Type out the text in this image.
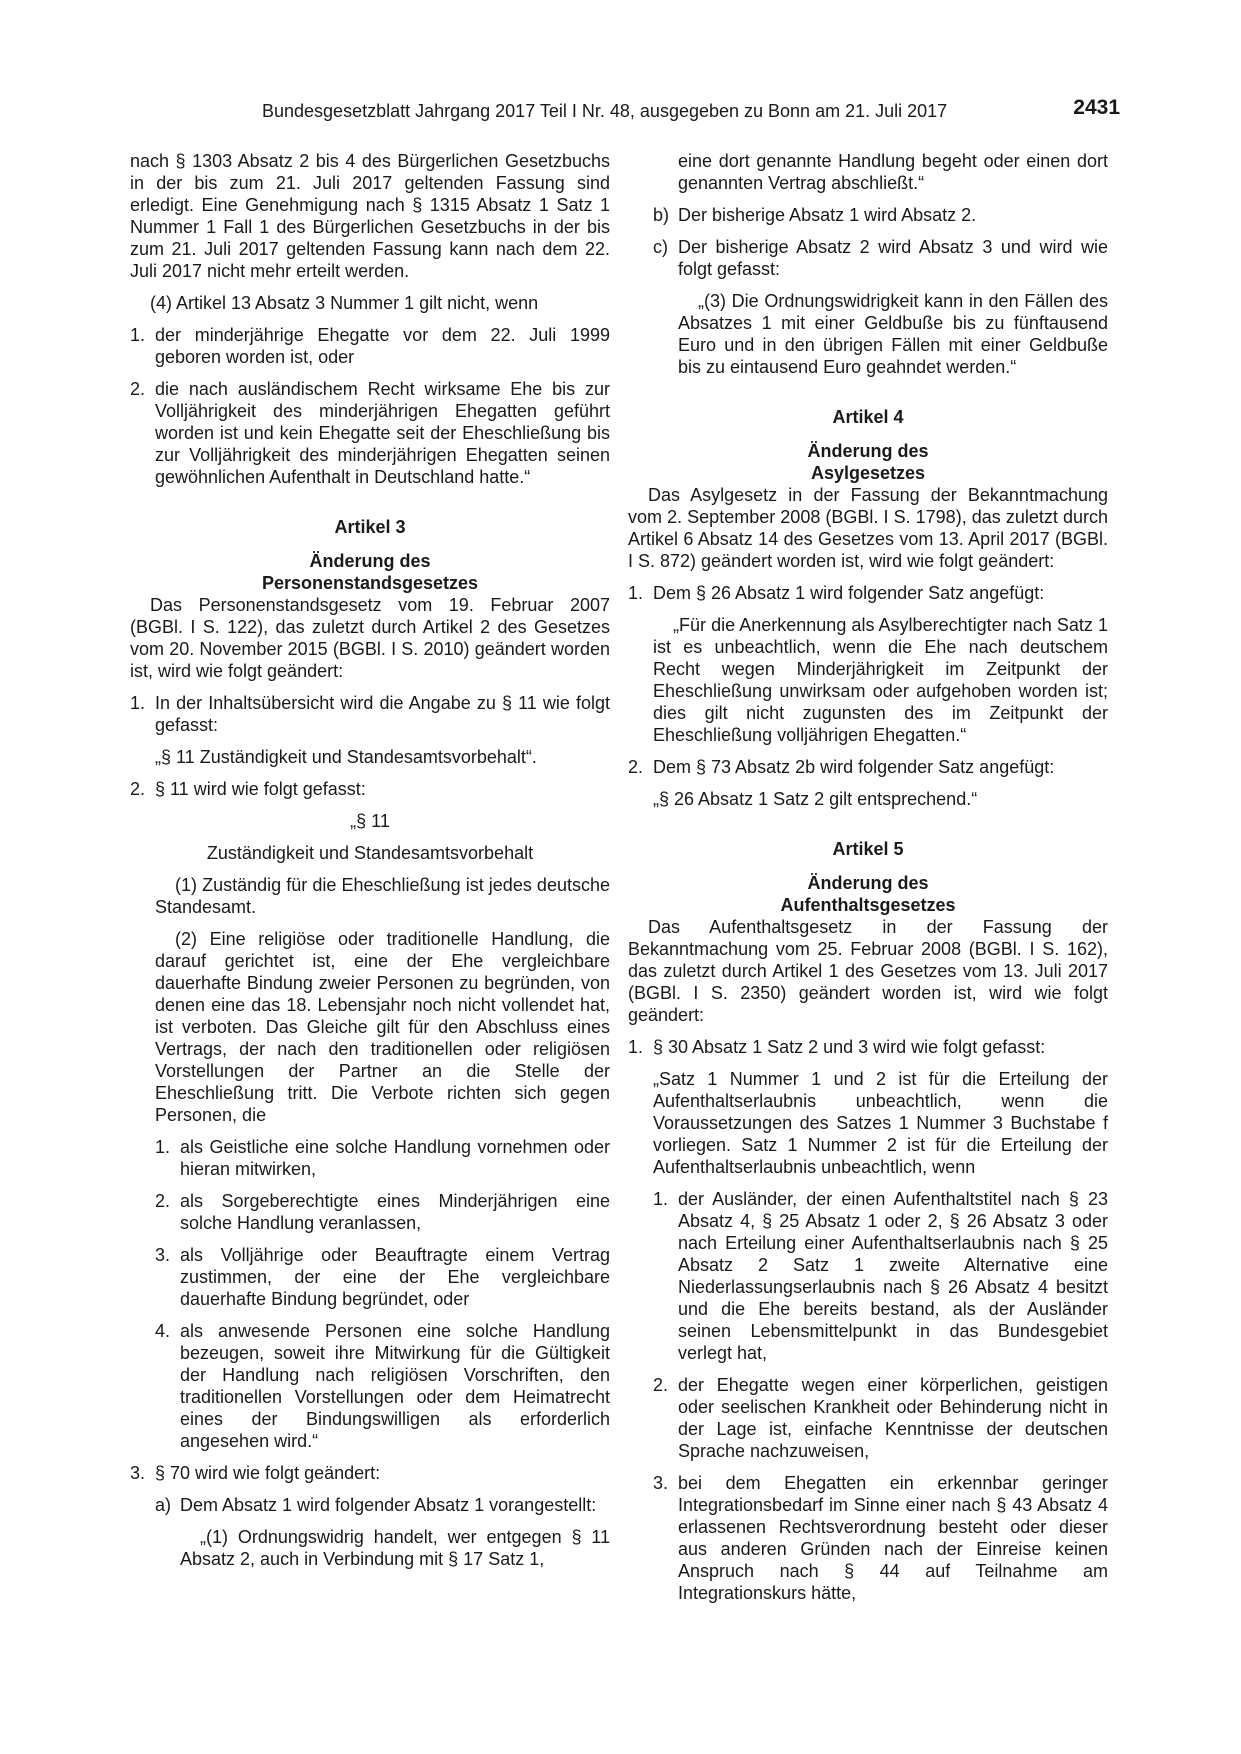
Bundesgesetzblatt Jahrgang 2017 Teil I Nr. 48, ausgegeben zu Bonn am 21. Juli 2017	2431

nach § 1303 Absatz 2 bis 4 des Bürgerlichen Gesetzbuchs in der bis zum 21. Juli 2017 geltenden Fassung sind erledigt. Eine Genehmigung nach § 1315 Absatz 1 Satz 1 Nummer 1 Fall 1 des Bürgerlichen Gesetzbuchs in der bis zum 21. Juli 2017 geltenden Fassung kann nach dem 22. Juli 2017 nicht mehr erteilt werden.

(4) Artikel 13 Absatz 3 Nummer 1 gilt nicht, wenn

1. der minderjährige Ehegatte vor dem 22. Juli 1999 geboren worden ist, oder
2. die nach ausländischem Recht wirksame Ehe bis zur Volljährigkeit des minderjährigen Ehegatten geführt worden ist und kein Ehegatte seit der Eheschließung bis zur Volljährigkeit des minderjährigen Ehegatten seinen gewöhnlichen Aufenthalt in Deutschland hatte.“

Artikel 3

Änderung des

Personenstandsgesetzes

Das Personenstandsgesetz vom 19. Februar 2007 (BGBl. I S. 122), das zuletzt durch Artikel 2 des Gesetzes vom 20. November 2015 (BGBl. I S. 2010) geändert worden ist, wird wie folgt geändert:

1. In der Inhaltsübersicht wird die Angabe zu § 11 wie folgt gefasst:

„§ 11 Zuständigkeit und Standesamtsvorbehalt“.

2. § 11 wird wie folgt gefasst:

„§ 11

Zuständigkeit und Standesamtsvorbehalt

(1) Zuständig für die Eheschließung ist jedes deutsche Standesamt.

(2) Eine religiöse oder traditionelle Handlung, die darauf gerichtet ist, eine der Ehe vergleichbare dauerhafte Bindung zweier Personen zu begründen, von denen eine das 18. Lebensjahr noch nicht vollendet hat, ist verboten. Das Gleiche gilt für den Abschluss eines Vertrags, der nach den traditionellen oder religiösen Vorstellungen der Partner an die Stelle der Eheschließung tritt. Die Verbote richten sich gegen Personen, die

1. als Geistliche eine solche Handlung vornehmen oder hieran mitwirken,
2. als Sorgeberechtigte eines Minderjährigen eine solche Handlung veranlassen,
3. als Volljährige oder Beauftragte einem Vertrag zustimmen, der eine der Ehe vergleichbare dauerhafte Bindung begründet, oder
4. als anwesende Personen eine solche Handlung bezeugen, soweit ihre Mitwirkung für die Gültigkeit der Handlung nach religiösen Vorschriften, den traditionellen Vorstellungen oder dem Heimatrecht eines der Bindungswilligen als erforderlich angesehen wird.“
3. § 70 wird wie folgt geändert:
a) Dem Absatz 1 wird folgender Absatz 1 vorangestellt:

„(1) Ordnungswidrig handelt, wer entgegen § 11 Absatz 2, auch in Verbindung mit § 17 Satz 1,

eine dort genannte Handlung begeht oder einen dort genannten Vertrag abschließt.“

b) Der bisherige Absatz 1 wird Absatz 2.
c) Der bisherige Absatz 2 wird Absatz 3 und wird wie folgt gefasst:

„(3) Die Ordnungswidrigkeit kann in den Fällen des Absatzes 1 mit einer Geldbuße bis zu fünftausend Euro und in den übrigen Fällen mit einer Geldbuße bis zu eintausend Euro geahndet werden.“

Artikel 4

Änderung des

Asylgesetzes

Das Asylgesetz in der Fassung der Bekanntmachung vom 2. September 2008 (BGBl. I S. 1798), das zuletzt durch Artikel 6 Absatz 14 des Gesetzes vom 13. April 2017 (BGBl. I S. 872) geändert worden ist, wird wie folgt geändert:

1. Dem § 26 Absatz 1 wird folgender Satz angefügt:

„Für die Anerkennung als Asylberechtigter nach Satz 1 ist es unbeachtlich, wenn die Ehe nach deutschem Recht wegen Minderjährigkeit im Zeitpunkt der Eheschließung unwirksam oder aufgehoben worden ist; dies gilt nicht zugunsten des im Zeitpunkt der Eheschließung volljährigen Ehegatten.“

2. Dem § 73 Absatz 2b wird folgender Satz angefügt:

„§ 26 Absatz 1 Satz 2 gilt entsprechend.“

Artikel 5

Änderung des

Aufenthaltsgesetzes

Das Aufenthaltsgesetz in der Fassung der Bekanntmachung vom 25. Februar 2008 (BGBl. I S. 162), das zuletzt durch Artikel 1 des Gesetzes vom 13. Juli 2017 (BGBl. I S. 2350) geändert worden ist, wird wie folgt geändert:

1. § 30 Absatz 1 Satz 2 und 3 wird wie folgt gefasst:

„Satz 1 Nummer 1 und 2 ist für die Erteilung der Aufenthaltserlaubnis unbeachtlich, wenn die Voraussetzungen des Satzes 1 Nummer 3 Buchstabe f vorliegen. Satz 1 Nummer 2 ist für die Erteilung der Aufenthaltserlaubnis unbeachtlich, wenn

1. der Ausländer, der einen Aufenthaltstitel nach § 23 Absatz 4, § 25 Absatz 1 oder 2, § 26 Absatz 3 oder nach Erteilung einer Aufenthaltserlaubnis nach § 25 Absatz 2 Satz 1 zweite Alternative eine Niederlassungserlaubnis nach § 26 Absatz 4 besitzt und die Ehe bereits bestand, als der Ausländer seinen Lebensmittelpunkt in das Bundesgebiet verlegt hat,
2. der Ehegatte wegen einer körperlichen, geistigen oder seelischen Krankheit oder Behinderung nicht in der Lage ist, einfache Kenntnisse der deutschen Sprache nachzuweisen,
3. bei dem Ehegatten ein erkennbar geringer Integrationsbedarf im Sinne einer nach § 43 Absatz 4 erlassenen Rechtsverordnung besteht oder dieser aus anderen Gründen nach der Einreise keinen Anspruch nach § 44 auf Teilnahme am Integrationskurs hätte,
